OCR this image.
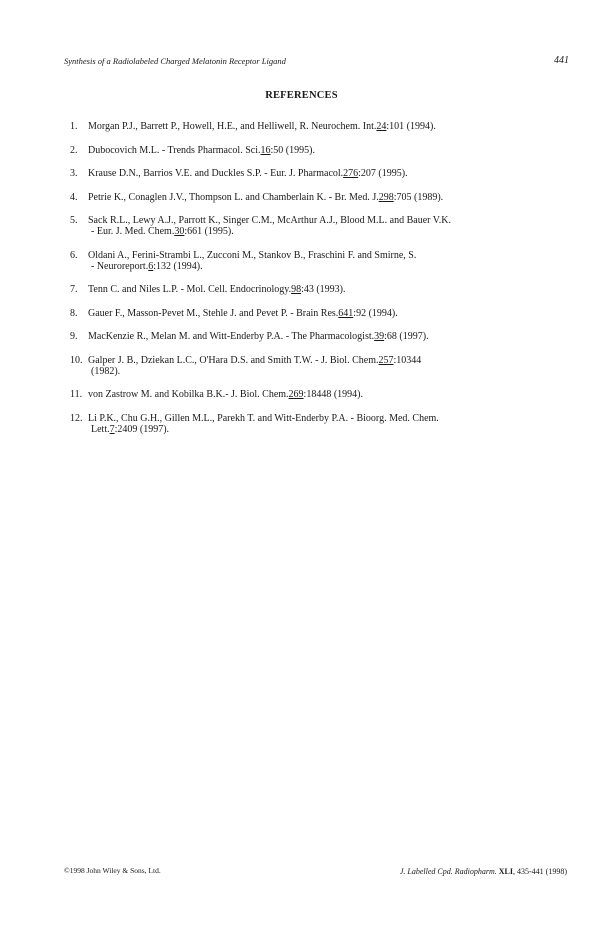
Synthesis of a Radiolabeled Charged Melatonin Receptor Ligand	441
REFERENCES
1.	Morgan P.J., Barrett P., Howell, H.E., and Helliwell, R. Neurochem. Int.24:101 (1994).
2.	Dubocovich M.L. - Trends Pharmacol. Sci.16:50 (1995).
3.	Krause D.N., Barrios V.E. and Duckles S.P. - Eur. J. Pharmacol.276:207 (1995).
4.	Petrie K., Conaglen J.V., Thompson L. and Chamberlain K. - Br. Med. J.298:705 (1989).
5.	Sack R.L., Lewy A.J., Parrott K., Singer C.M., McArthur A.J., Blood M.L. and Bauer V.K.
- Eur. J. Med. Chem.30:661 (1995).
6.	Oldani A., Ferini-Strambi L., Zucconi M., Stankov B., Fraschini F. and Smirne, S.
- Neuroreport.6:132 (1994).
7.	Tenn C. and Niles L.P. - Mol. Cell. Endocrinology.98:43 (1993).
8.	Gauer F., Masson-Pevet M., Stehle J. and Pevet P. - Brain Res.641:92 (1994).
9.	MacKenzie R., Melan M. and Witt-Enderby P.A. - The Pharmacologist.39:68 (1997).
10. Galper J. B., Dziekan L.C., O'Hara D.S. and Smith T.W. - J. Biol. Chem.257:10344
(1982).
11. von Zastrow M. and Kobilka B.K.- J. Biol. Chem.269:18448 (1994).
12. Li P.K., Chu G.H., Gillen M.L., Parekh T. and Witt-Enderby P.A. - Bioorg. Med. Chem.
Lett.7:2409 (1997).
©1998 John Wiley & Sons, Ltd.	J. Labelled Cpd. Radiopharm. XLI, 435-441 (1998)
